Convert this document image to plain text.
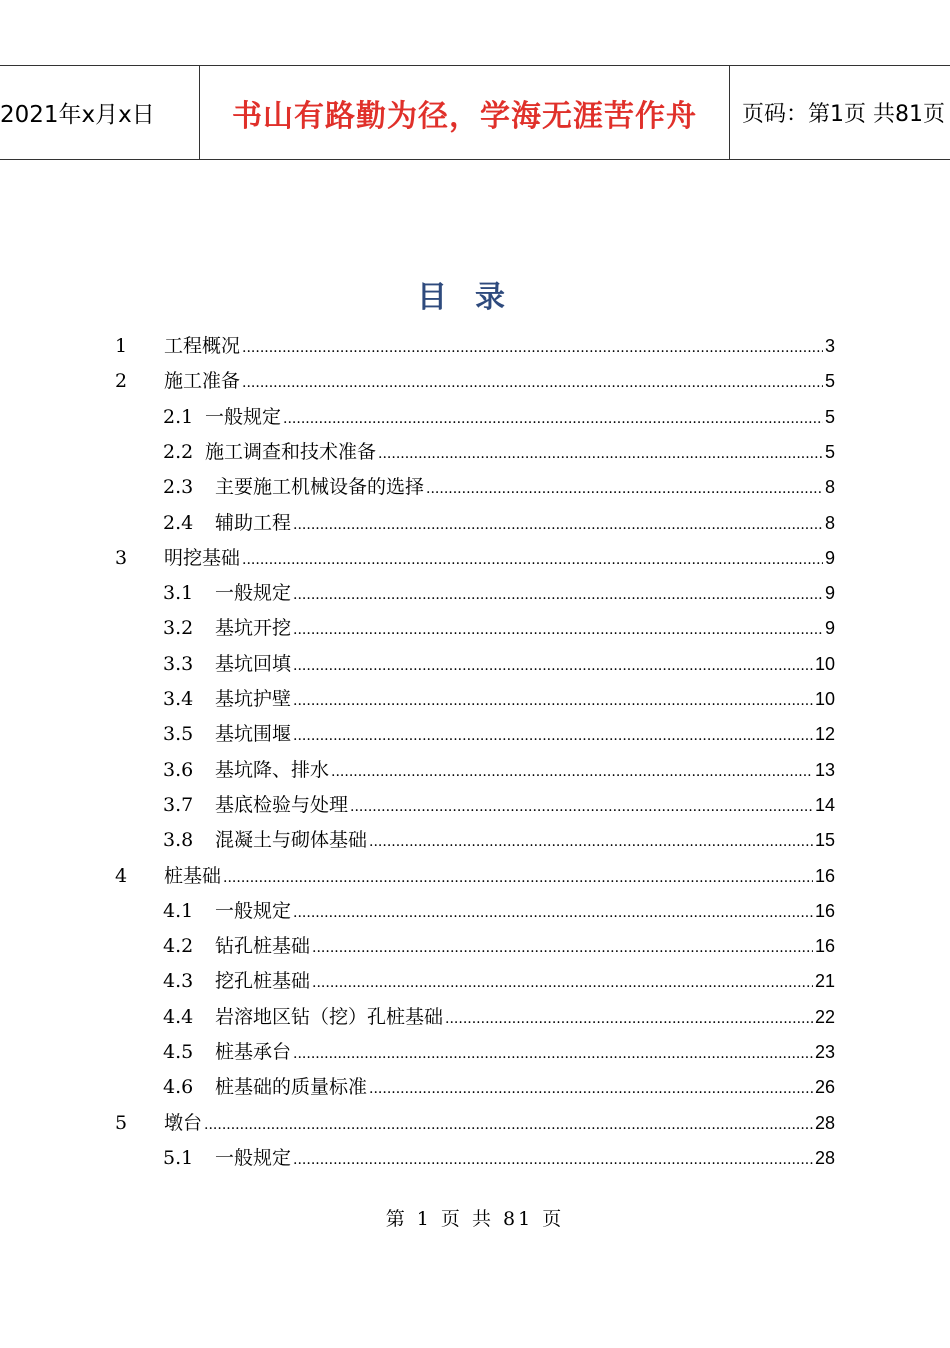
2021年x月x日	书山有路勤为径，学海无涯苦作舟	页码：第1页 共81页
目录
1	工程概况 .....	3
2	施工准备 .....	5
2.1 一般规定 .....	5
2.2 施工调查和技术准备 .....	5
2.3	主要施工机械设备的选择 .....	8
2.4	辅助工程 .....	8
3	明挖基础 .....	9
3.1	一般规定 .....	9
3.2	基坑开挖 .....	9
3.3	基坑回填 .....	10
3.4	基坑护壁 .....	10
3.5	基坑围堰 .....	12
3.6	基坑降、排水 .....	13
3.7	基底检验与处理 .....	14
3.8	混凝土与砌体基础 .....	15
4	桩基础 .....	16
4.1	一般规定 .....	16
4.2	钻孔桩基础 .....	16
4.3	挖孔桩基础 .....	21
4.4	岩溶地区钻（挖）孔桩基础 .....	22
4.5	桩基承台 .....	23
4.6	桩基础的质量标准 .....	26
5	墩台 .....	28
5.1	一般规定 .....	28
第 1 页 共 81 页
